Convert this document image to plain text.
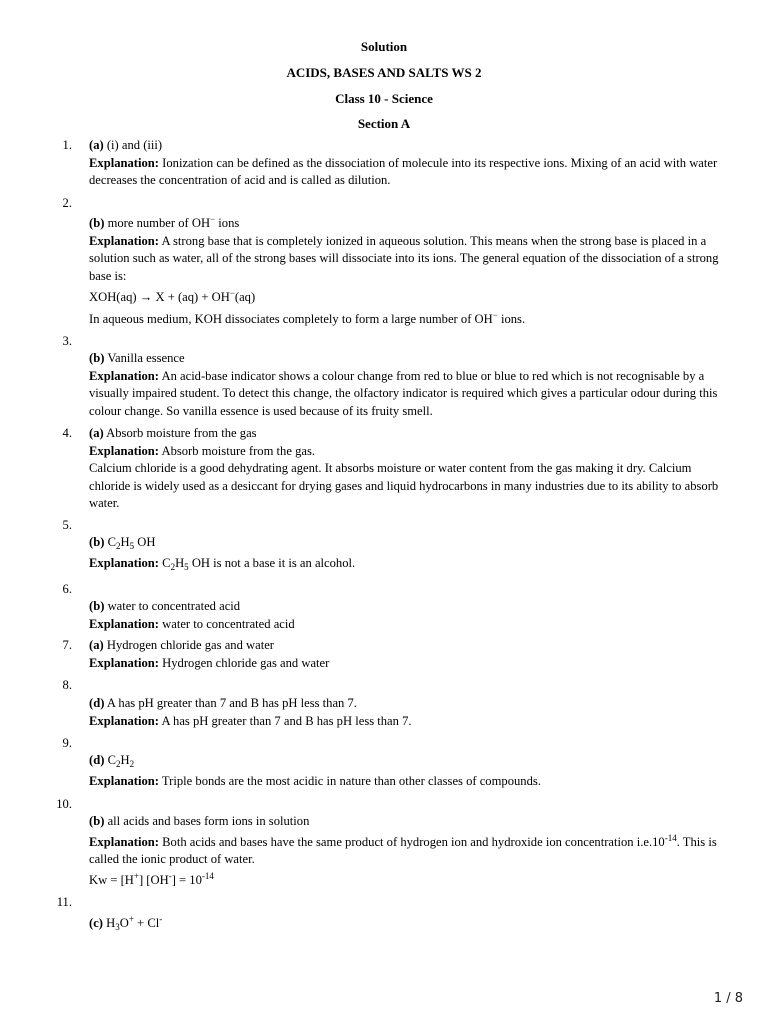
Solution
ACIDS, BASES AND SALTS WS 2
Class 10 - Science
Section A
1. (a) (i) and (iii)
Explanation: Ionization can be defined as the dissociation of molecule into its respective ions. Mixing of an acid with water
decreases the concentration of acid and is called as dilution.
2.
(b) more number of OH− ions
Explanation: A strong base that is completely ionized in aqueous solution. This means when the strong base is placed in a
solution such as water, all of the strong bases will dissociate into its ions. The general equation of the dissociation of a strong
base is:
XOH(aq) → X + (aq) + OH−(aq)
In aqueous medium, KOH dissociates completely to form a large number of OH− ions.
3.
(b) Vanilla essence
Explanation: An acid-base indicator shows a colour change from red to blue or blue to red which is not recognisable by a
visually impaired student. To detect this change, the olfactory indicator is required which gives a particular odour during this
colour change. So vanilla essence is used because of its fruity smell.
4. (a) Absorb moisture from the gas
Explanation: Absorb moisture from the gas.
Calcium chloride is a good dehydrating agent. It absorbs moisture or water content from the gas making it dry. Calcium
chloride is widely used as a desiccant for drying gases and liquid hydrocarbons in many industries due to its ability to absorb
water.
5.
(b) $C_2H_5$ OH
Explanation: $C_2H_5$ OH is not a base it is an alcohol.
6.
(b) water to concentrated acid
Explanation: water to concentrated acid
7. (a) Hydrogen chloride gas and water
Explanation: Hydrogen chloride gas and water
8.
(d) A has pH greater than 7 and B has pH less than 7.
Explanation: A has pH greater than 7 and B has pH less than 7.
9.
(d) $C_2H_2$
Explanation: Triple bonds are the most acidic in nature than other classes of compounds.
10.
(b) all acids and bases form ions in solution
Explanation: Both acids and bases have the same product of hydrogen ion and hydroxide ion concentration $i.e.10^{-14}$. This is
called the ionic product of water.
Kw = [H+] $[OH^-] = 10^{-14}$
11.
(c) $H_3O^+ + Cl^-$
1 / 8
